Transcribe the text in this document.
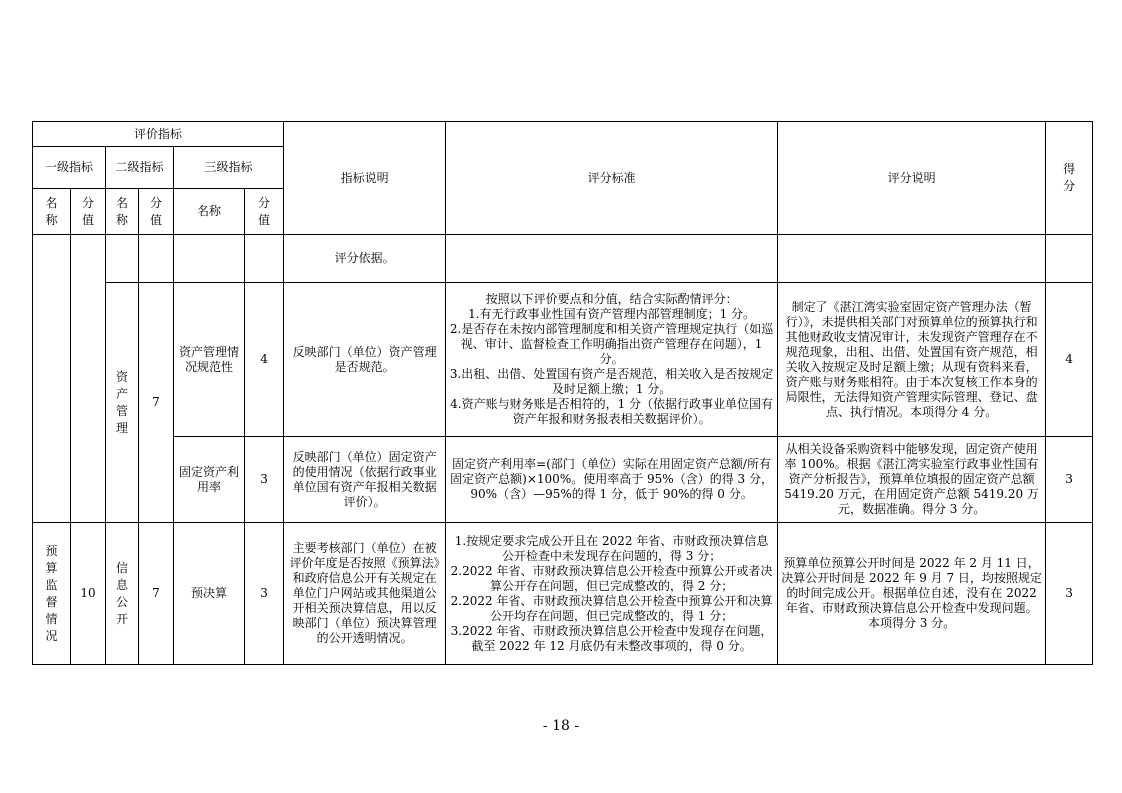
评价指标						指标说明	评分标准	评分说明	得分
一级指标		二级指标		三级指标					
名称	分值	名称	分值	名称	分值				
						评分依据。			
		资产管理	7	资产管理情况规范性	4	反映部门（单位）资产管理是否规范。	按照以下评价要点和分值，结合实际酌情评分：

1.有无行政事业性国有资产管理内部管理制度；1 分。

2.是否存在未按内部管理制度和相关资产管理规定执行（如巡视、审计、监督检查工作明确指出资产管理存在问题），1 分。

3.出租、出借、处置国有资产是否规范，相关收入是否按规定及时足额上缴；1 分。

4.资产账与财务账是否相符的，1 分（依据行政事业单位国有资产年报和财务报表相关数据评价）。	制定了《湛江湾实验室固定资产管理办法（暂行）》，未提供相关部门对预算单位的预算执行和其他财政收支情况审计，未发现资产管理存在不规范现象，出租、出借、处置国有资产规范，相关收入按规定及时足额上缴；从现有资料来看，资产账与财务账相符。由于本次复核工作本身的局限性，无法得知资产管理实际管理、登记、盘点、执行情况。本项得分 4 分。	4
				固定资产利用率	3	反映部门（单位）固定资产的使用情况（依据行政事业单位国有资产年报相关数据评价）。	固定资产利用率=(部门（单位）实际在用固定资产总额/所有固定资产总额)×100%。使用率高于 95%（含）的得 3 分，90%（含）—95%的得 1 分，低于 90%的得 0 分。	从相关设备采购资料中能够发现，固定资产使用率 100%。根据《湛江湾实验室行政事业性国有资产分析报告》，预算单位填报的固定资产总额 5419.20 万元，在用固定资产总额 5419.20 万元，数据准确。得分 3 分。	3
预算监督情况	10	信息公开	7	预决算	3	主要考核部门（单位）在被评价年度是否按照《预算法》和政府信息公开有关规定在单位门户网站或其他渠道公开相关预决算信息，用以反映部门（单位）预决算管理的公开透明情况。	1.按规定要求完成公开且在 2022 年省、市财政预决算信息公开检查中未发现存在问题的，得 3 分；

2.2022 年省、市财政预决算信息公开检查中预算公开或者决算公开存在问题，但已完成整改的，得 2 分；

2.2022 年省、市财政预决算信息公开检查中预算公开和决算公开均存在问题，但已完成整改的，得 1 分；

3.2022 年省、市财政预决算信息公开检查中发现存在问题，截至 2022 年 12 月底仍有未整改事项的，得 0 分。	预算单位预算公开时间是 2022 年 2 月 11 日，决算公开时间是 2022 年 9 月 7 日，均按照规定的时间完成公开。根据单位自述，没有在 2022 年省、市财政预决算信息公开检查中发现问题。本项得分 3 分。	3
- 18 -
